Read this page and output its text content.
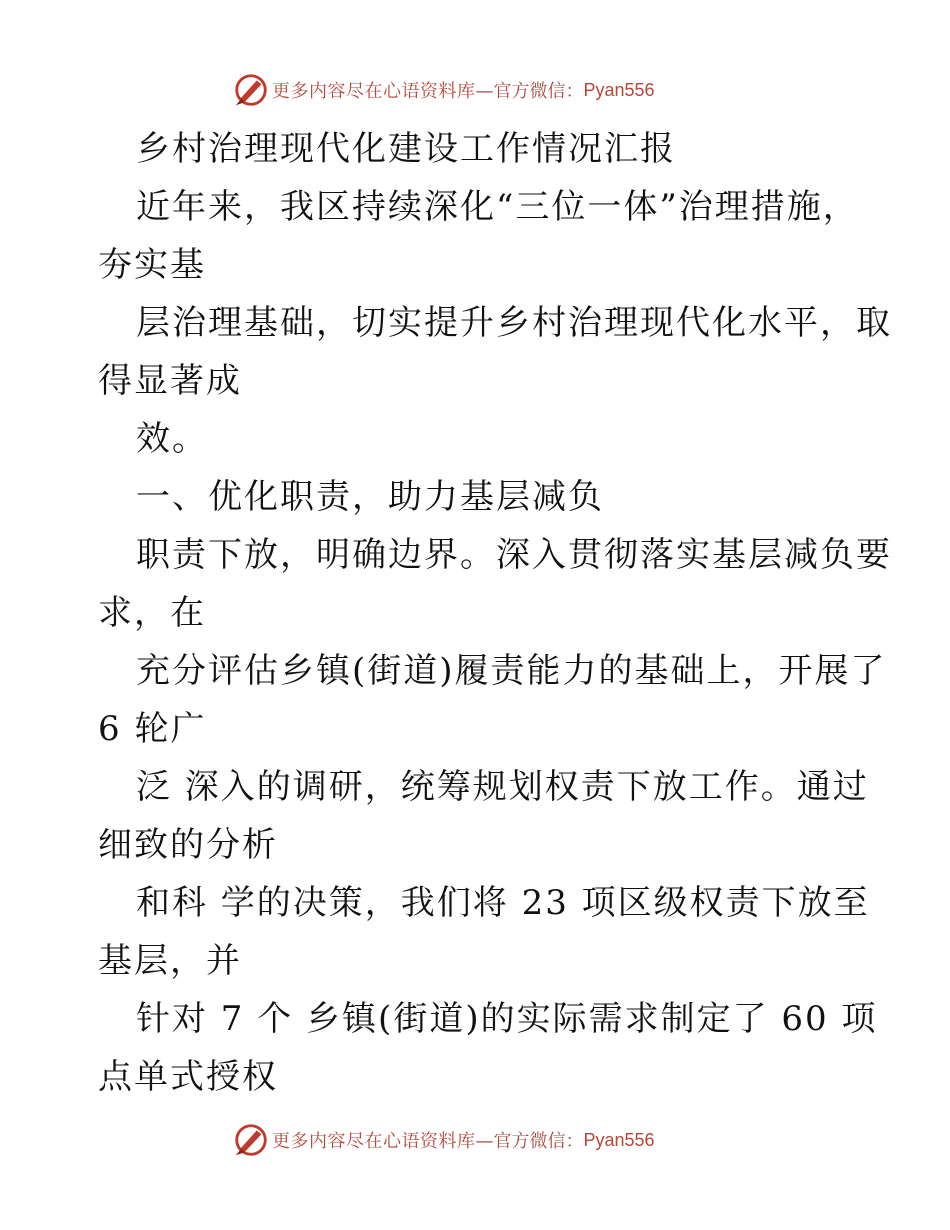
更多内容尽在心语资料库 —官方微信： Pyan556
乡村治理现代化建设工作情况汇报
近年来，我区持续深化“三位一体”治理措施，
夯实基
层治理基础，切实提升乡村治理现代化水平，取
得显著成
效。
一、优化职责，助力基层减负
职责下放，明确边界。深入贯彻落实基层减负要
求，在
充分评估乡镇(街道)履责能力的基础上，开展了
6 轮广
泛 深入的调研，统筹规划权责下放工作。通过
细致的分析
和科 学的决策，我们将 23 项区级权责下放至
基层，并
针对 7 个 乡镇(街道)的实际需求制定了 60 项
点单式授权
更多内容尽在心语资料库 —官方微信： Pyan556
